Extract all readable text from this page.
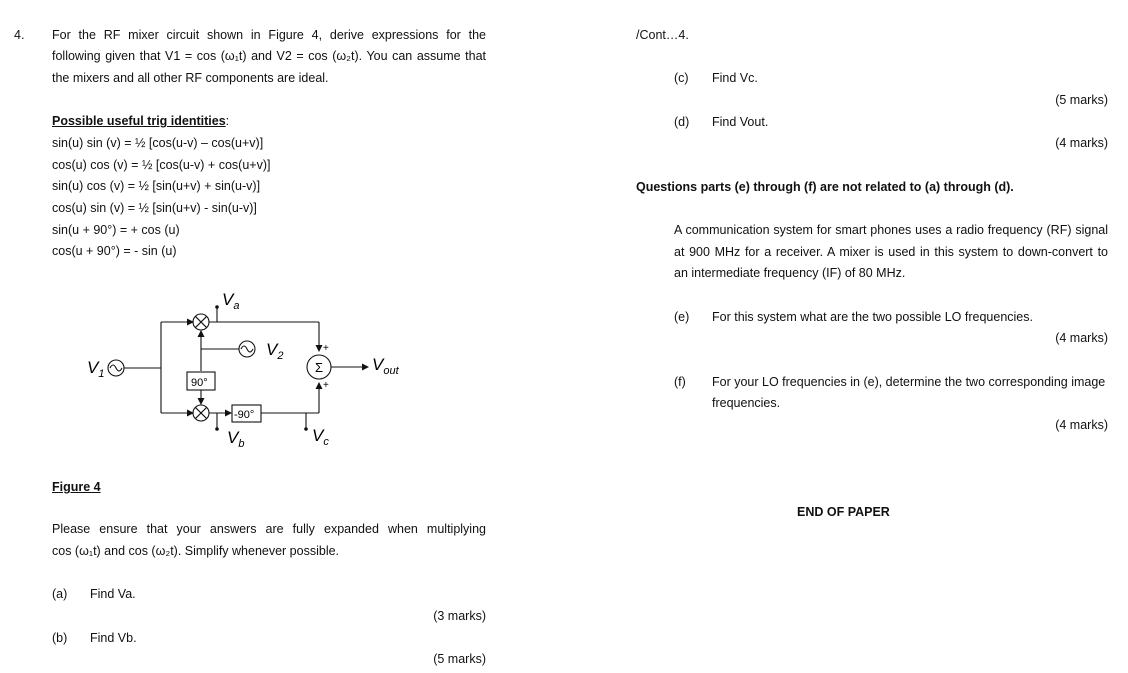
4. For the RF mixer circuit shown in Figure 4, derive expressions for the
following given that V1 = cos (ω₁t) and V2 = cos (ω₂t). You can assume that
the mixers and all other RF components are ideal.
Possible useful trig identities:
sin(u) sin (v) = ½ [cos(u-v) – cos(u+v)]
cos(u) cos (v) = ½ [cos(u-v) + cos(u+v)]
sin(u) cos (v) = ½ [sin(u+v) + sin(u-v)]
cos(u) sin (v) = ½ [sin(u+v) - sin(u-v)]
sin(u + 90°) = + cos (u)
cos(u + 90°) = - sin (u)
$V_1$
$V_a$
$V_2$
$V_b$	$V_c$
$V_{out}$
90°
-90°
Σ
+
+
Figure 4
Please ensure that your answers are fully expanded when multiplying
cos (ω₁t) and cos (ω₂t). Simplify whenever possible.
(a) Find Va.
(3 marks)
(b) Find Vb.
(5 marks)
/Cont…4.
(c) Find Vc.
(5 marks)
(d) Find Vout.
(4 marks)
Questions parts (e) through (f) are not related to (a) through (d).
A communication system for smart phones uses a radio frequency (RF) signal
at 900 MHz for a receiver. A mixer is used in this system to down-convert to
an intermediate frequency (IF) of 80 MHz.
(e) For this system what are the two possible LO frequencies.
(4 marks)
(f) For your LO frequencies in (e), determine the two corresponding image
frequencies.
(4 marks)
END OF PAPER
